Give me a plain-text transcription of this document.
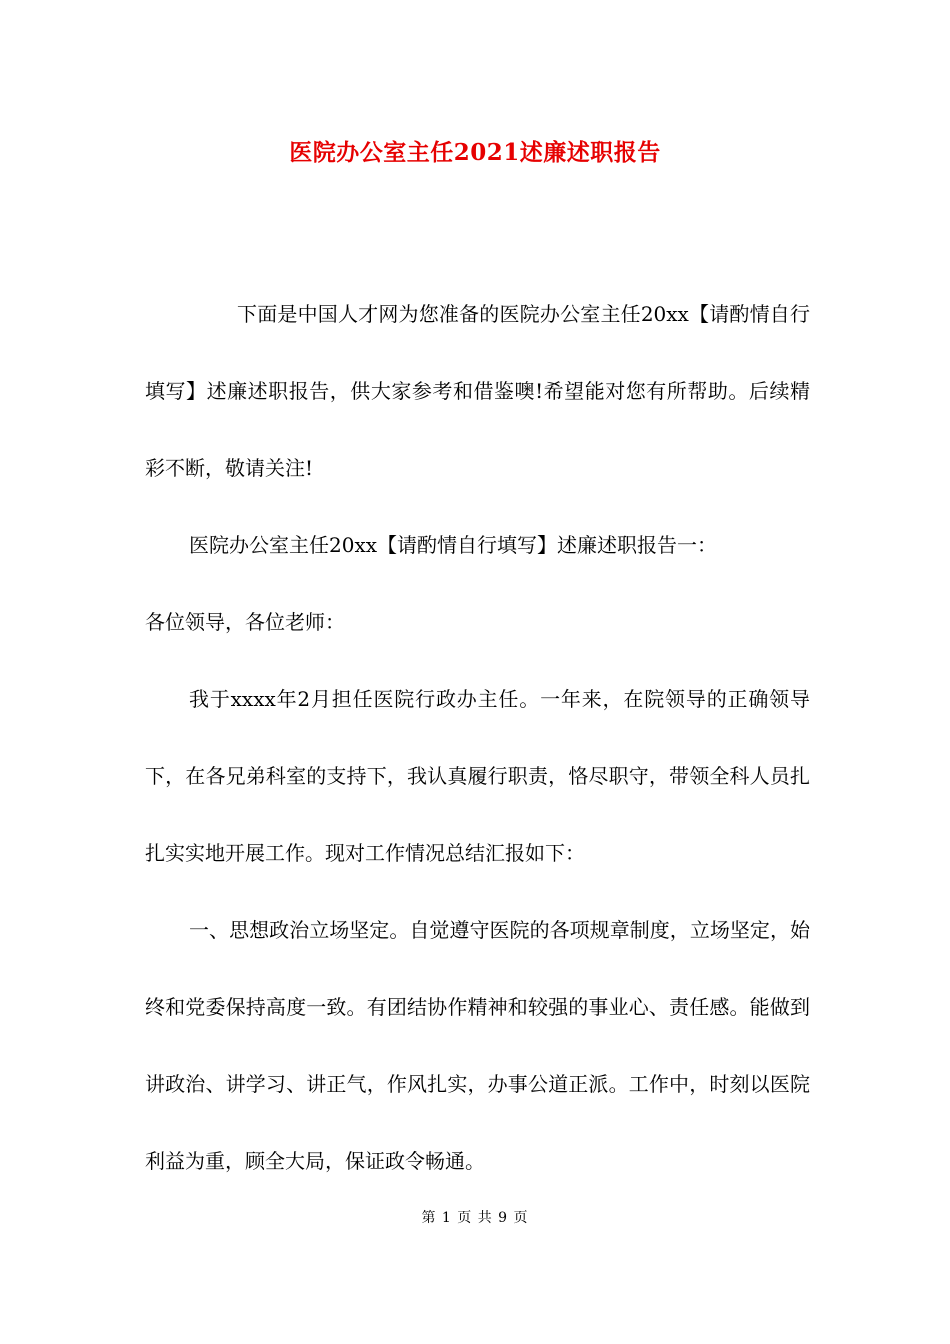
医院办公室主任2021述廉述职报告

下面是中国人才网为您准备的医院办公室主任20xx【请酌情自行填写】述廉述职报告，供大家参考和借鉴噢!希望能对您有所帮助。后续精彩不断，敬请关注!

医院办公室主任20xx【请酌情自行填写】述廉述职报告一：

各位领导，各位老师：

我于xxxx年2月担任医院行政办主任。一年来，在院领导的正确领导下，在各兄弟科室的支持下，我认真履行职责，恪尽职守，带领全科人员扎扎实实地开展工作。现对工作情况总结汇报如下：

一、思想政治立场坚定。自觉遵守医院的各项规章制度，立场坚定，始终和党委保持高度一致。有团结协作精神和较强的事业心、责任感。能做到讲政治、讲学习、讲正气，作风扎实，办事公道正派。工作中，时刻以医院利益为重，顾全大局，保证政令畅通。

第 1 页 共 9 页
